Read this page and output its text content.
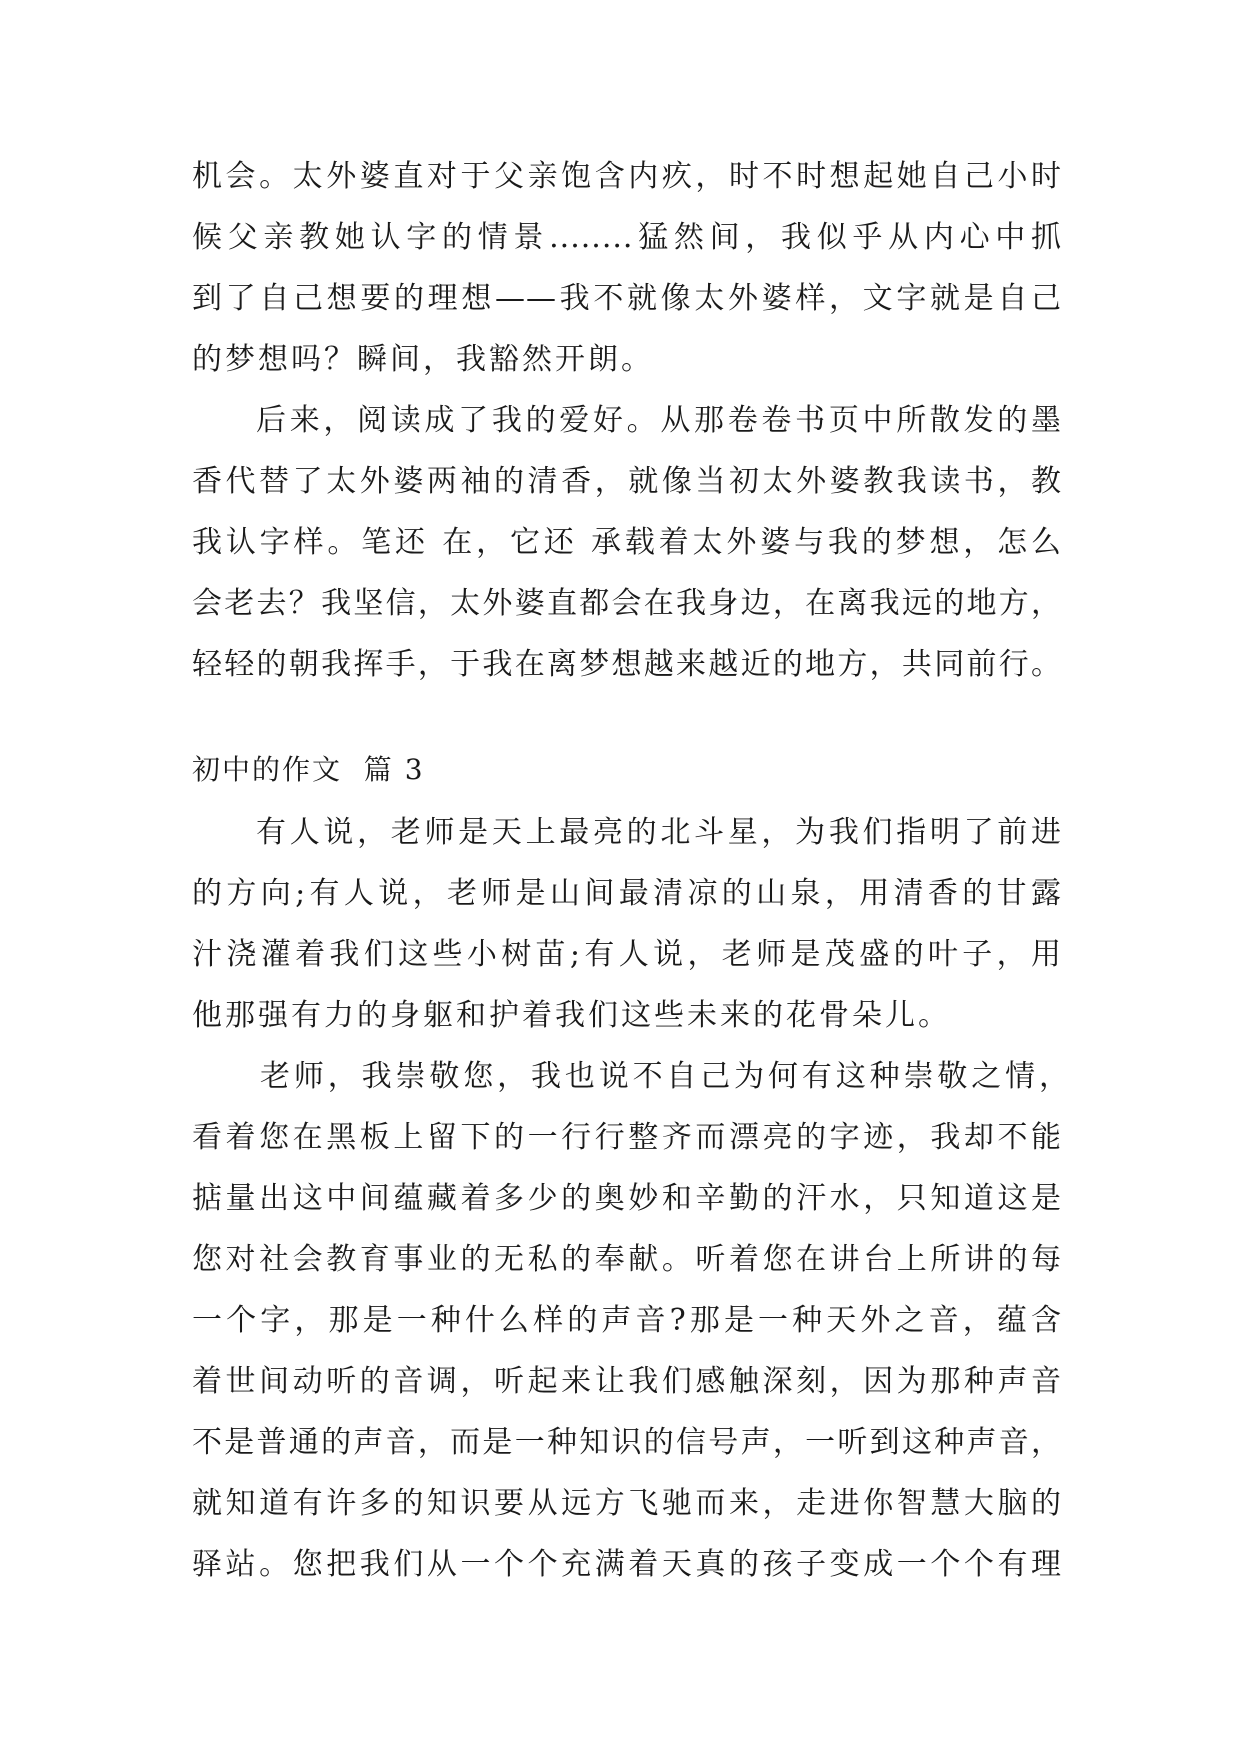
机会。太外婆直对于父亲饱含内疚，时不时想起她自己小时
候父亲教她认字的情景........猛然间，我似乎从内心中抓
到了自己想要的理想——我不就像太外婆样，文字就是自己
的梦想吗？瞬间，我豁然开朗。
后来，阅读成了我的爱好。从那卷卷书页中所散发的墨
香代替了太外婆两袖的清香，就像当初太外婆教我读书，教
我认字样。笔还 在，它还 承载着太外婆与我的梦想，怎么
会老去？我坚信，太外婆直都会在我身边，在离我远的地方，
轻轻的朝我挥手，于我在离梦想越来越近的地方，共同前行。
初中的作文  篇 3
有人说，老师是天上最亮的北斗星，为我们指明了前进
的方向;有人说，老师是山间最清凉的山泉，用清香的甘露
汁浇灌着我们这些小树苗;有人说，老师是茂盛的叶子，用
他那强有力的身躯和护着我们这些未来的花骨朵儿。
老师，我崇敬您，我也说不自己为何有这种崇敬之情，
看着您在黑板上留下的一行行整齐而漂亮的字迹，我却不能
掂量出这中间蕴藏着多少的奥妙和辛勤的汗水，只知道这是
您对社会教育事业的无私的奉献。听着您在讲台上所讲的每
一个字，那是一种什么样的声音?那是一种天外之音，蕴含
着世间动听的音调，听起来让我们感触深刻，因为那种声音
不是普通的声音，而是一种知识的信号声，一听到这种声音，
就知道有许多的知识要从远方飞驰而来，走进你智慧大脑的
驿站。您把我们从一个个充满着天真的孩子变成一个个有理
